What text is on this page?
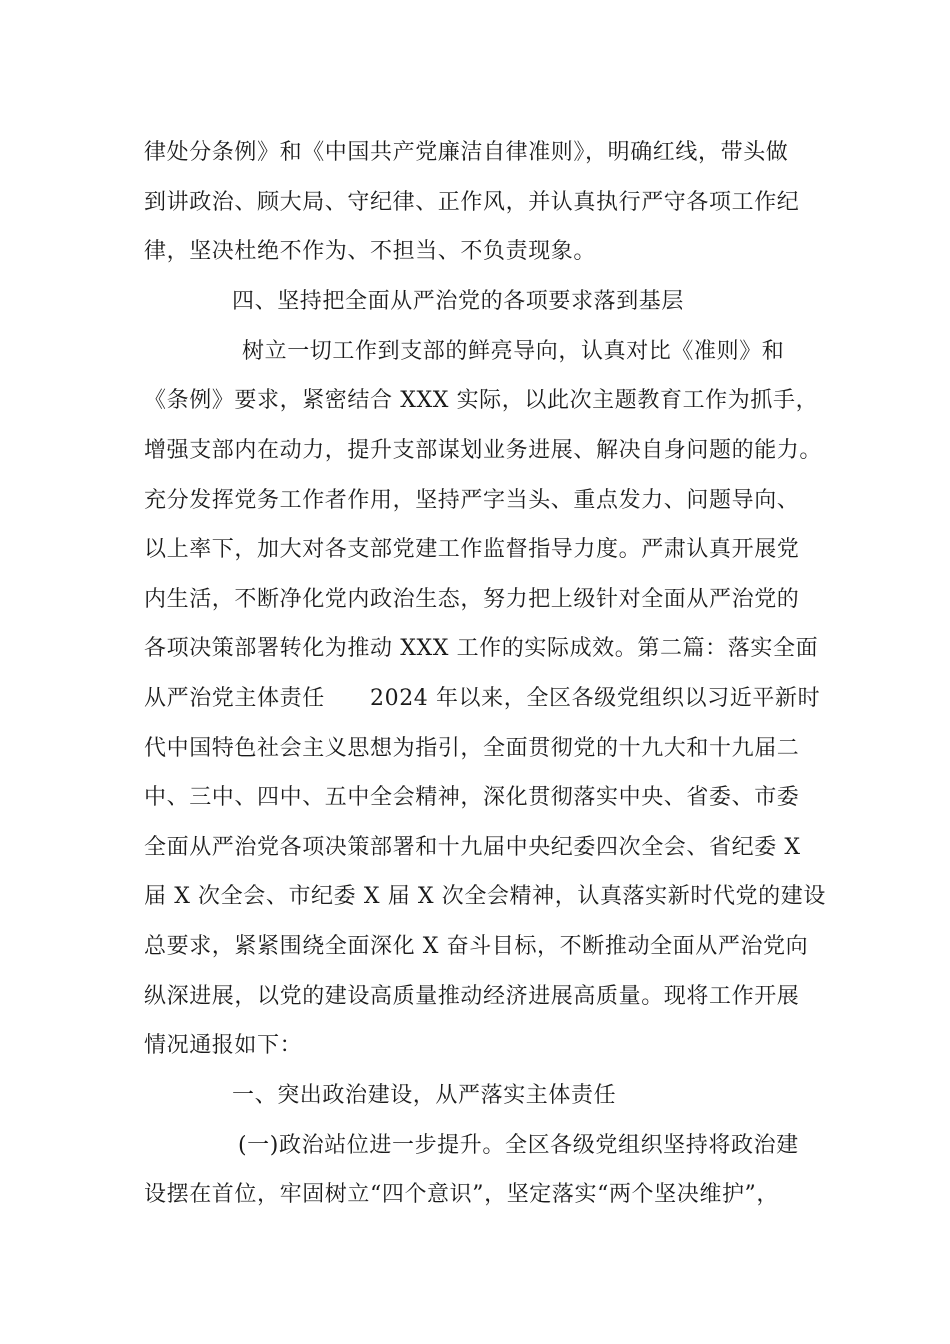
律处分条例》和《中国共产党廉洁自律准则》，明确红线，带头做
到讲政治、顾大局、守纪律、正作风，并认真执行严守各项工作纪
律，坚决杜绝不作为、不担当、不负责现象。
四、坚持把全面从严治党的各项要求落到基层
树立一切工作到支部的鲜亮导向，认真对比《准则》和
《条例》要求，紧密结合 XXX 实际，以此次主题教育工作为抓手，
增强支部内在动力，提升支部谋划业务进展、解决自身问题的能力。
充分发挥党务工作者作用，坚持严字当头、重点发力、问题导向、
以上率下，加大对各支部党建工作监督指导力度。严肃认真开展党
内生活，不断净化党内政治生态，努力把上级针对全面从严治党的
各项决策部署转化为推动 XXX 工作的实际成效。第二篇：落实全面
从严治党主体责任　　2024 年以来，全区各级党组织以习近平新时
代中国特色社会主义思想为指引，全面贯彻党的十九大和十九届二
中、三中、四中、五中全会精神，深化贯彻落实中央、省委、市委
全面从严治党各项决策部署和十九届中央纪委四次全会、省纪委 X
届 X 次全会、市纪委 X 届 X 次全会精神，认真落实新时代党的建设
总要求，紧紧围绕全面深化 X 奋斗目标，不断推动全面从严治党向
纵深进展，以党的建设高质量推动经济进展高质量。现将工作开展
情况通报如下：
一、突出政治建设，从严落实主体责任
(一)政治站位进一步提升。全区各级党组织坚持将政治建
设摆在首位，牢固树立“四个意识”，坚定落实“两个坚决维护”，
